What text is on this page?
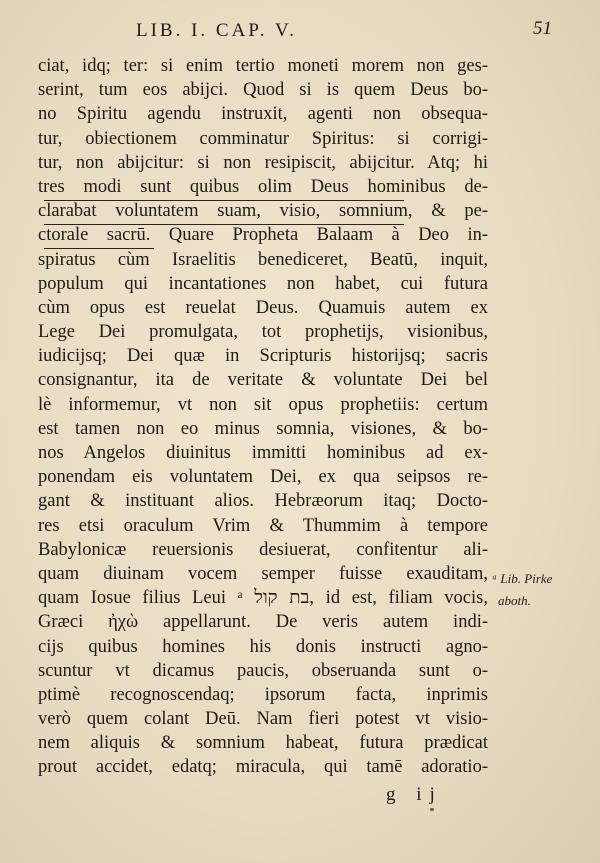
LIB. I. CAP. V.	51
ciat, idq; ter: si enim tertio moneti morem non ges-
serint, tum eos abijci. Quod si is quem Deus bo-
no Spiritu agendu instruxit, agenti non obsequa-
tur, obiectionem comminatur Spiritus: si corrigi-
tur, non abijcitur: si non resipiscit, abijcitur. Atq; hi
tres modi sunt quibus olim Deus hominibus de-
clarabat voluntatem suam, visio, somnium, & pe-
ctorale sacrū. Quare Propheta Balaam à Deo in-
spiratus cùm Israelitis benediceret, Beatū, inquit,
populum qui incantationes non habet, cui futura
cùm opus est reuelat Deus. Quamuis autem ex
Lege Dei promulgata, tot prophetijs, visionibus,
iudicijsq; Dei quæ in Scripturis historijsq; sacris
consignantur, ita de veritate & voluntate Dei bel
lè informemur, vt non sit opus prophetiis: certum
est tamen non eo minus somnia, visiones, & bo-
nos Angelos diuinitus immitti hominibus ad ex-
ponendam eis voluntatem Dei, ex qua seipsos re-
gant & instituant alios. Hebræorum itaq; Docto-
res etsi oraculum Vrim & Thummim à tempore
Babylonicæ reuersionis desiuerat, confitentur ali-
quam diuinam vocem semper fuisse exauditam,
quam Iosue filius Leui ᵃ בת קול, id est, filiam vocis,
Græci ἠχὼ appellarunt. De veris autem indi-
cijs quibus homines his donis instructi agno-
scuntur vt dicamus paucis, obseruanda sunt o-
ptimè recognoscendaq; ipsorum facta, inprimis
verò quem colant Deū. Nam fieri potest vt visio-
nem aliquis & somnium habeat, futura prædicat
prout accidet, edatq; miracula, qui tamē adoratio-
ᵃ Lib. Pirke
aboth.
g ij
